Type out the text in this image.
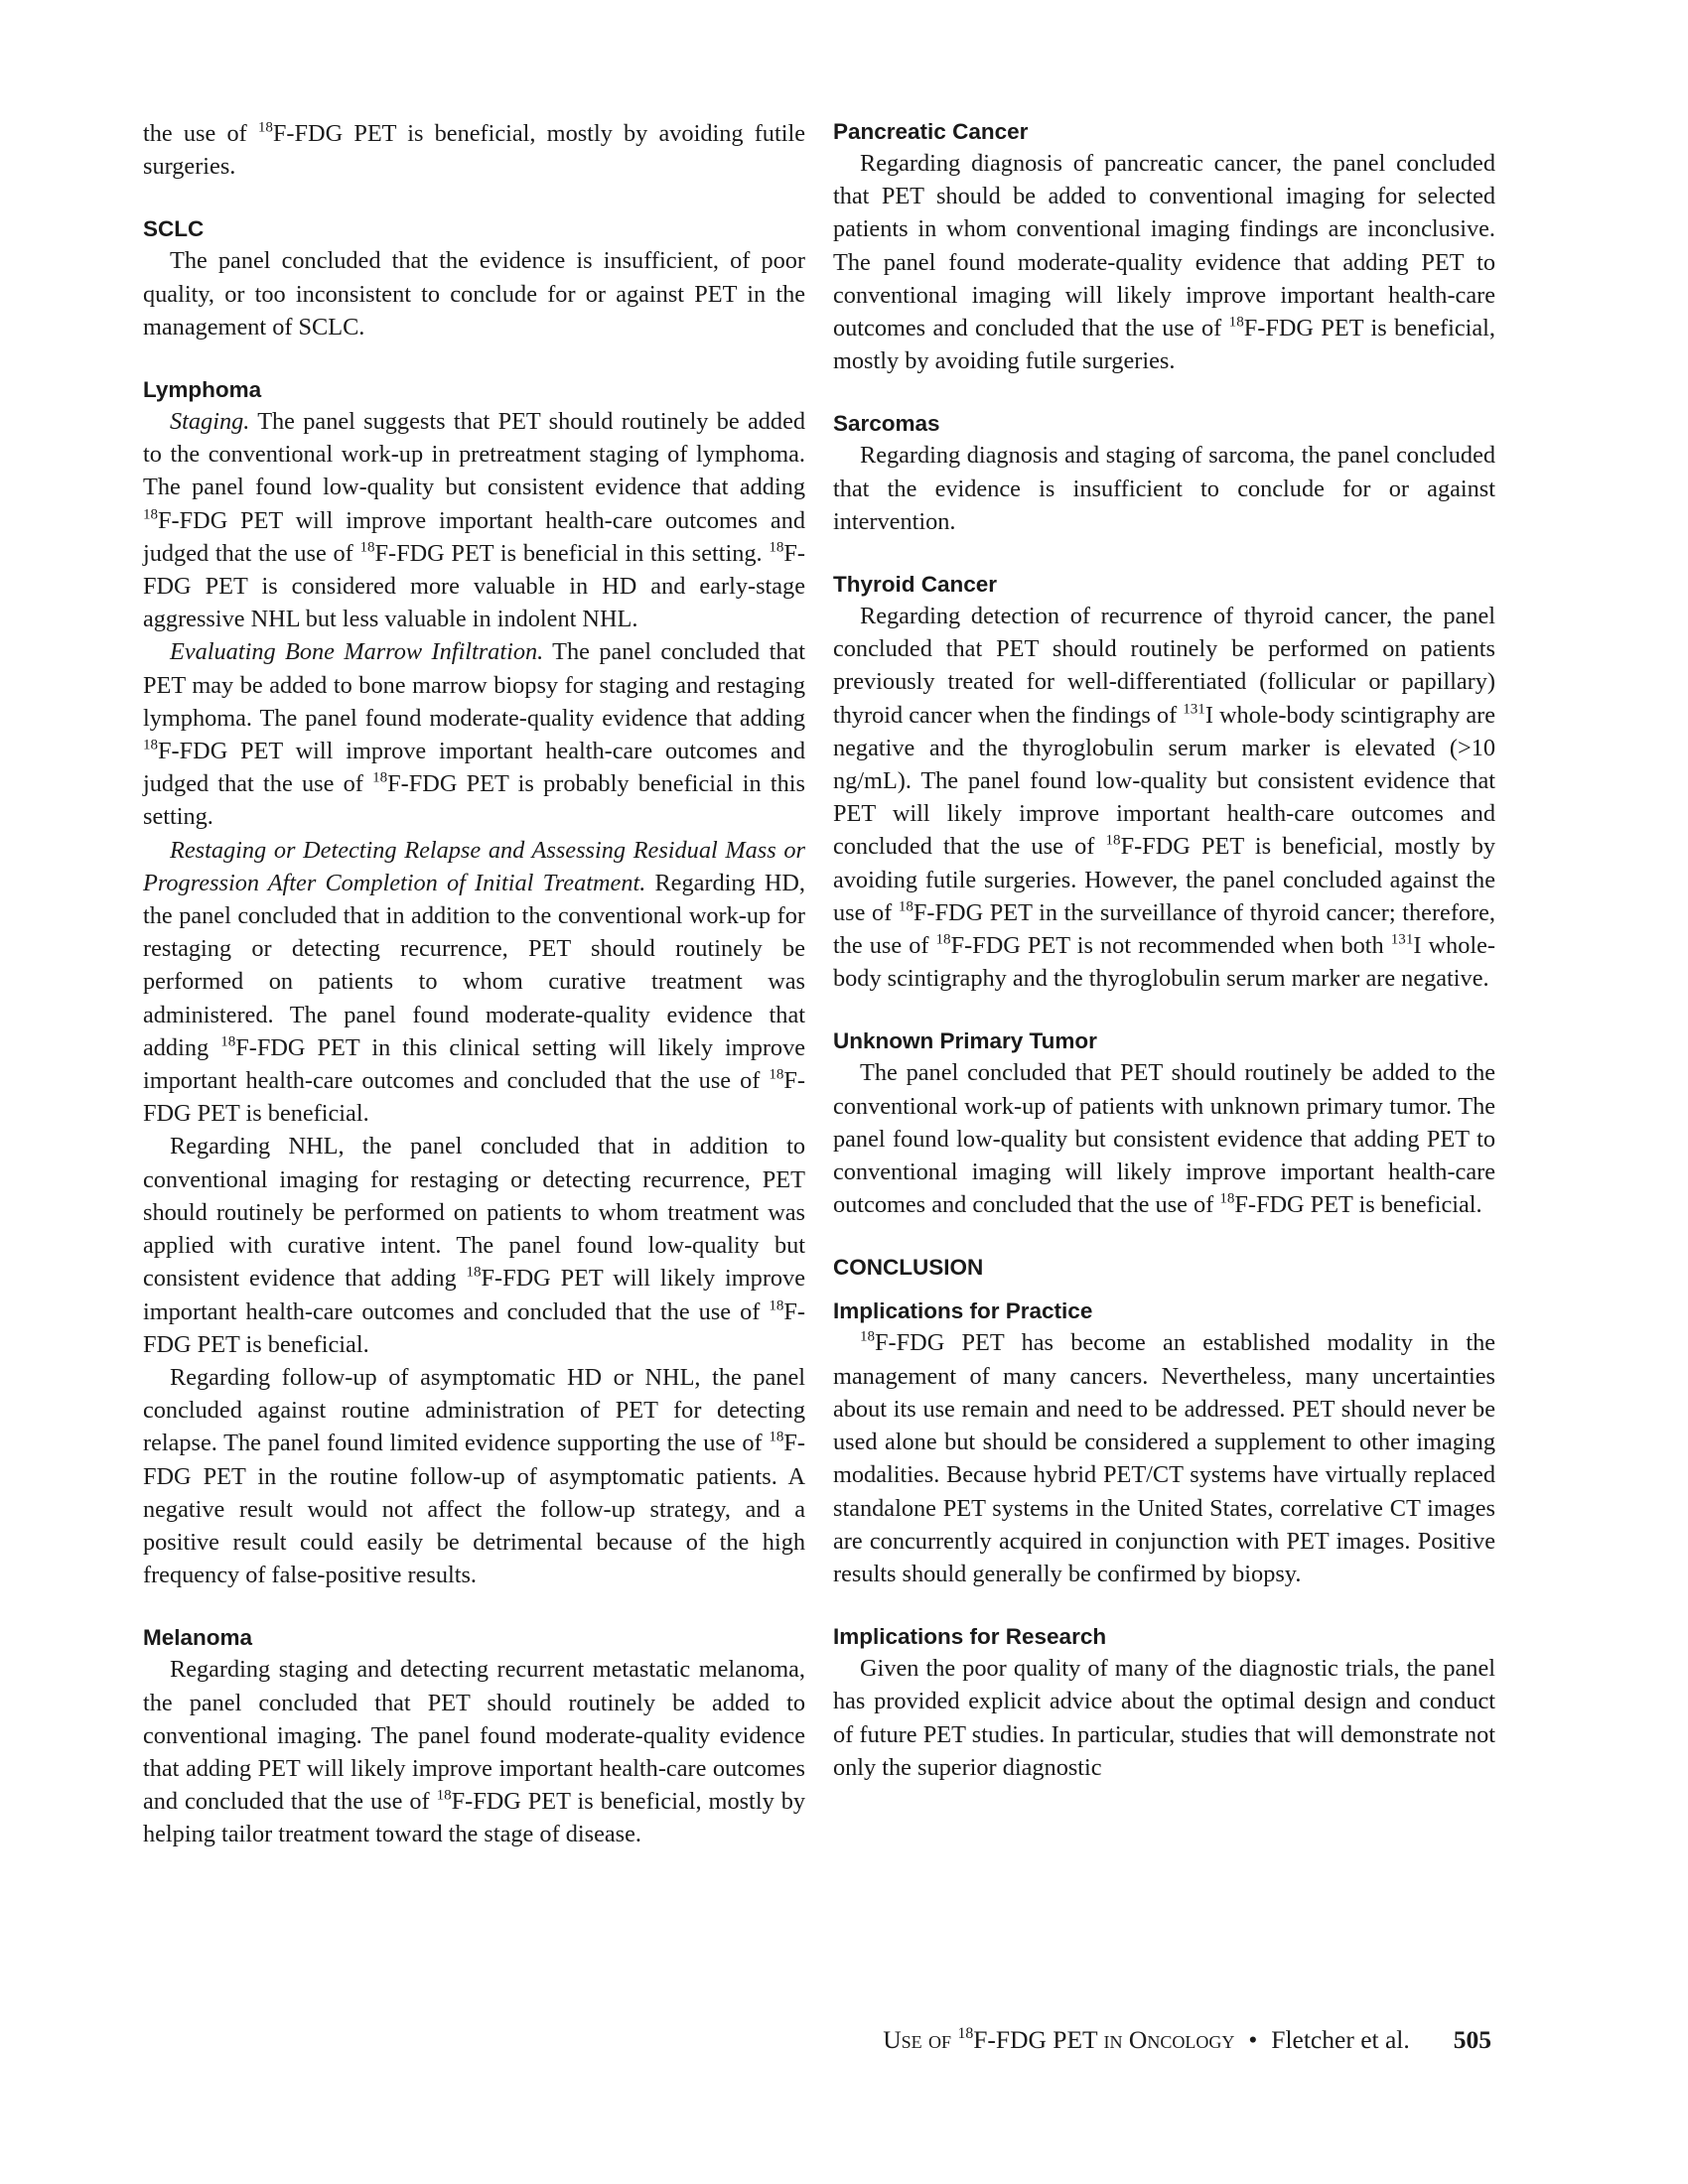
the use of $^{18}$F-FDG PET is beneficial, mostly by avoiding futile surgeries.

SCLC

The panel concluded that the evidence is insufficient, of poor quality, or too inconsistent to conclude for or against PET in the management of SCLC.

Lymphoma

Staging. The panel suggests that PET should routinely be added to the conventional work-up in pretreatment staging of lymphoma. The panel found low-quality but consistent evidence that adding $^{18}$F-FDG PET will improve important health-care outcomes and judged that the use of $^{18}$F-FDG PET is beneficial in this setting. $^{18}$F-FDG PET is considered more valuable in HD and early-stage aggressive NHL but less valuable in indolent NHL.

Evaluating Bone Marrow Infiltration. The panel concluded that PET may be added to bone marrow biopsy for staging and restaging lymphoma. The panel found moderate-quality evidence that adding $^{18}$F-FDG PET will improve important health-care outcomes and judged that the use of $^{18}$F-FDG PET is probably beneficial in this setting.

Restaging or Detecting Relapse and Assessing Residual Mass or Progression After Completion of Initial Treatment. Regarding HD, the panel concluded that in addition to the conventional work-up for restaging or detecting recurrence, PET should routinely be performed on patients to whom curative treatment was administered. The panel found moderate-quality evidence that adding $^{18}$F-FDG PET in this clinical setting will likely improve important health-care outcomes and concluded that the use of $^{18}$F-FDG PET is beneficial.

Regarding NHL, the panel concluded that in addition to conventional imaging for restaging or detecting recurrence, PET should routinely be performed on patients to whom treatment was applied with curative intent. The panel found low-quality but consistent evidence that adding $^{18}$F-FDG PET will likely improve important health-care outcomes and concluded that the use of $^{18}$F-FDG PET is beneficial.

Regarding follow-up of asymptomatic HD or NHL, the panel concluded against routine administration of PET for detecting relapse. The panel found limited evidence supporting the use of $^{18}$F-FDG PET in the routine follow-up of asymptomatic patients. A negative result would not affect the follow-up strategy, and a positive result could easily be detrimental because of the high frequency of false-positive results.

Melanoma

Regarding staging and detecting recurrent metastatic melanoma, the panel concluded that PET should routinely be added to conventional imaging. The panel found moderate-quality evidence that adding PET will likely improve important health-care outcomes and concluded that the use of $^{18}$F-FDG PET is beneficial, mostly by helping tailor treatment toward the stage of disease.

Pancreatic Cancer

Regarding diagnosis of pancreatic cancer, the panel concluded that PET should be added to conventional imaging for selected patients in whom conventional imaging findings are inconclusive. The panel found moderate-quality evidence that adding PET to conventional imaging will likely improve important health-care outcomes and concluded that the use of $^{18}$F-FDG PET is beneficial, mostly by avoiding futile surgeries.

Sarcomas

Regarding diagnosis and staging of sarcoma, the panel concluded that the evidence is insufficient to conclude for or against intervention.

Thyroid Cancer

Regarding detection of recurrence of thyroid cancer, the panel concluded that PET should routinely be performed on patients previously treated for well-differentiated (follicular or papillary) thyroid cancer when the findings of $^{131}$I whole-body scintigraphy are negative and the thyroglobulin serum marker is elevated (>10 ng/mL). The panel found low-quality but consistent evidence that PET will likely improve important health-care outcomes and concluded that the use of $^{18}$F-FDG PET is beneficial, mostly by avoiding futile surgeries. However, the panel concluded against the use of $^{18}$F-FDG PET in the surveillance of thyroid cancer; therefore, the use of $^{18}$F-FDG PET is not recommended when both $^{131}$I whole-body scintigraphy and the thyroglobulin serum marker are negative.

Unknown Primary Tumor

The panel concluded that PET should routinely be added to the conventional work-up of patients with unknown primary tumor. The panel found low-quality but consistent evidence that adding PET to conventional imaging will likely improve important health-care outcomes and concluded that the use of $^{18}$F-FDG PET is beneficial.

CONCLUSION
Implications for Practice

$^{18}$F-FDG PET has become an established modality in the management of many cancers. Nevertheless, many uncertainties about its use remain and need to be addressed. PET should never be used alone but should be considered a supplement to other imaging modalities. Because hybrid PET/CT systems have virtually replaced standalone PET systems in the United States, correlative CT images are concurrently acquired in conjunction with PET images. Positive results should generally be confirmed by biopsy.

Implications for Research

Given the poor quality of many of the diagnostic trials, the panel has provided explicit advice about the optimal design and conduct of future PET studies. In particular, studies that will demonstrate not only the superior diagnostic

Use of $^{18}$F-FDG PET in Oncology • Fletcher et al. 505
